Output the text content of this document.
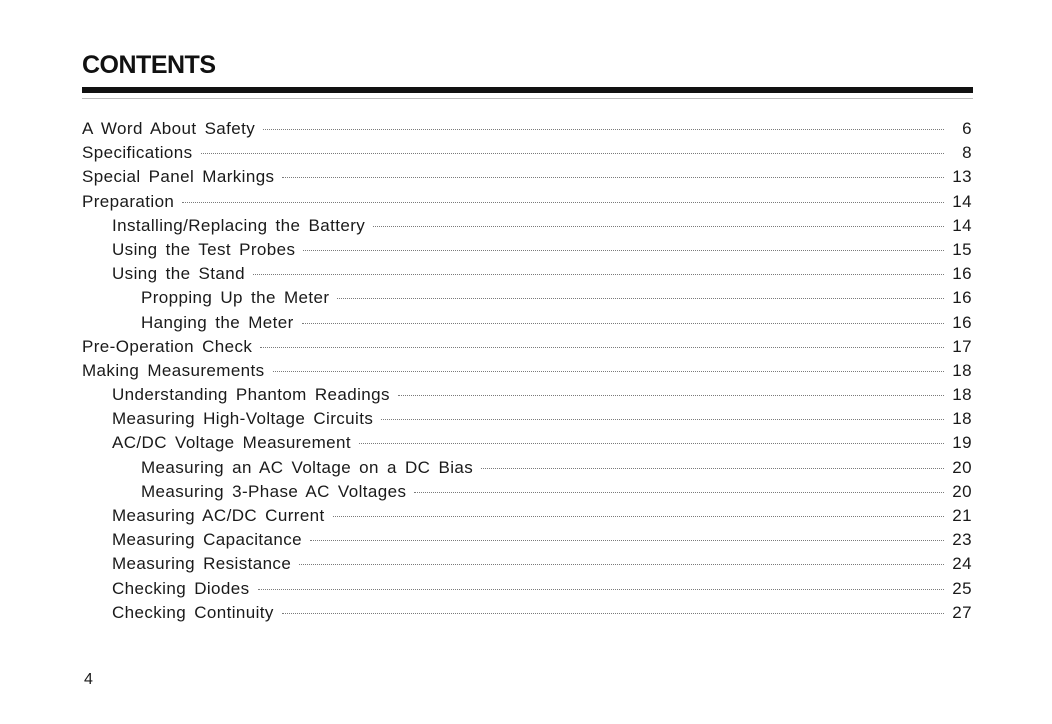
CONTENTS
A Word About Safety	6
Specifications	8
Special Panel Markings	13
Preparation	14
Installing/Replacing the Battery	14
Using the Test Probes	15
Using the Stand	16
Propping Up the Meter	16
Hanging the Meter	16
Pre-Operation Check	17
Making Measurements	18
Understanding Phantom Readings	18
Measuring High-Voltage Circuits	18
AC/DC Voltage Measurement	19
Measuring an AC Voltage on a DC Bias	20
Measuring 3-Phase AC Voltages	20
Measuring AC/DC Current	21
Measuring Capacitance	23
Measuring Resistance	24
Checking Diodes	25
Checking Continuity	27
4
